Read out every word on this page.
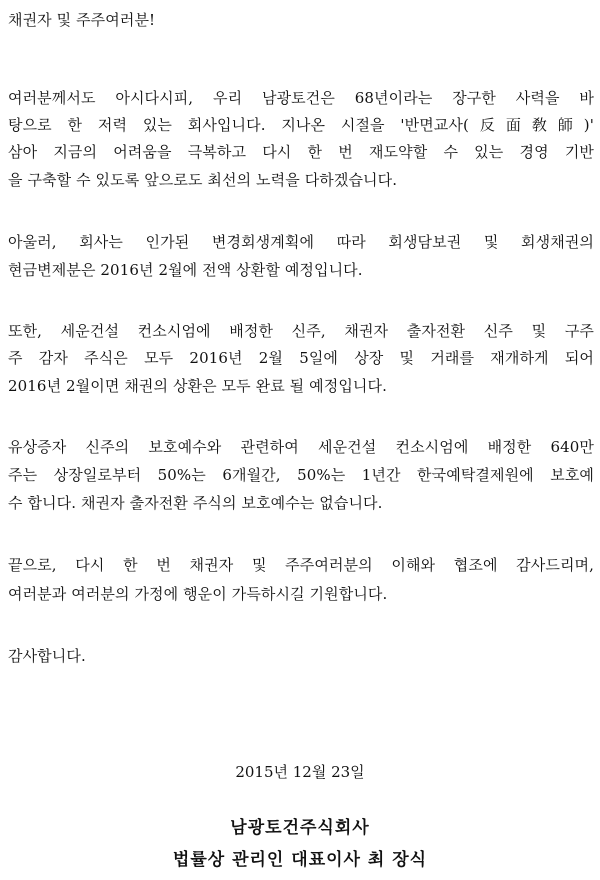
채권자 및 주주여러분!
여러분께서도 아시다시피, 우리 남광토건은 68년이라는 장구한 사력을 바
탕으로 한 저력 있는 회사입니다. 지나온 시절을 '반면교사(反面敎師)'
삼아 지금의 어려움을 극복하고 다시 한 번 재도약할 수 있는 경영 기반
을 구축할 수 있도록 앞으로도 최선의 노력을 다하겠습니다.
아울러, 회사는 인가된 변경회생계획에 따라 회생담보권 및 회생채권의
현금변제분은 2016년 2월에 전액 상환할 예정입니다.
또한, 세운건설 컨소시엄에 배정한 신주, 채권자 출자전환 신주 및 구주
주 감자 주식은 모두 2016년 2월 5일에 상장 및 거래를 재개하게 되어
2016년 2월이면 채권의 상환은 모두 완료 될 예정입니다.
유상증자 신주의 보호예수와 관련하여 세운건설 컨소시엄에 배정한 640만
주는 상장일로부터 50%는 6개월간, 50%는 1년간 한국예탁결제원에 보호예
수 합니다. 채권자 출자전환 주식의 보호예수는 없습니다.
끝으로, 다시 한 번 채권자 및 주주여러분의 이해와 협조에 감사드리며,
여러분과 여러분의 가정에 행운이 가득하시길 기원합니다.
감사합니다.
2015년 12월 23일
남광토건주식회사
법률상 관리인 대표이사 최 장식
